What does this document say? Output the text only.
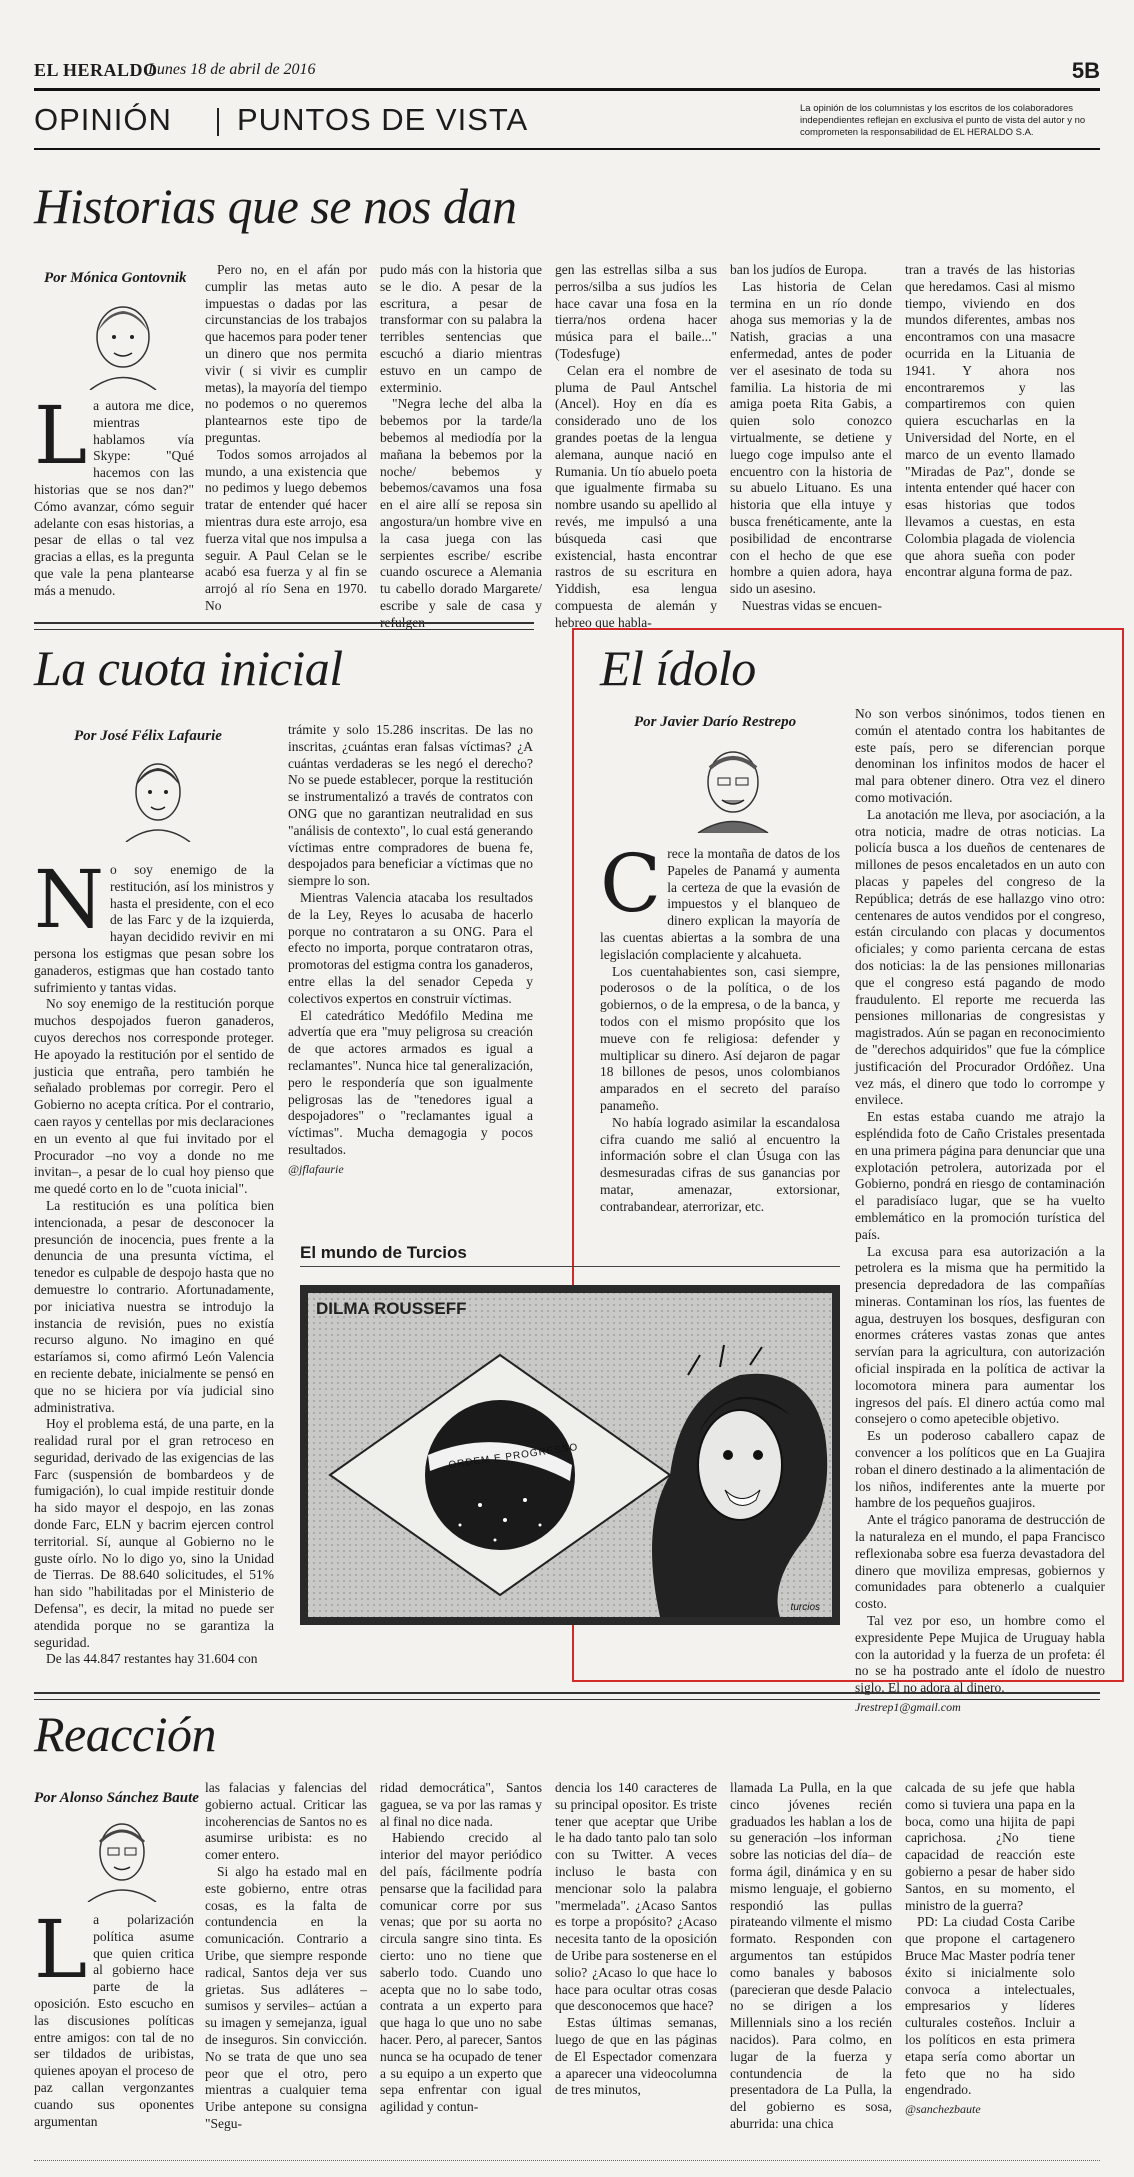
EL HERALDO
Lunes 18 de abril de 2016	5B
OPINIÓN PUNTOS DE VISTA	La opinión de los columnistas y los escritos de los colaboradores independientes reflejan en exclusiva el punto de vista del autor y no comprometen la responsabilidad de EL HERALDO S.A.
Historias que se nos dan
Por Mónica Gontovnik
L a autora me dice, mientras hablamos vía Skype: "Qué hacemos con las historias que se nos dan?" Cómo avanzar, cómo seguir adelante con esas historias, a pesar de ellas o tal vez gracias a ellas, es la pregunta que vale la pena plantearse más a menudo.

Pero no, en el afán por cumplir las metas auto impuestas o dadas por las circunstancias de los trabajos que hacemos para poder tener un dinero que nos permita vivir ( si vivir es cumplir metas), la mayoría del tiempo no podemos o no queremos plantearnos este tipo de preguntas.

Todos somos arrojados al mundo, a una existencia que no pedimos y luego debemos tratar de entender qué hacer mientras dura este arrojo, esa fuerza vital que nos impulsa a seguir. A Paul Celan se le acabó esa fuerza y al fin se arrojó al río Sena en 1970. No

pudo más con la historia que se le dio. A pesar de la escritura, a pesar de transformar con su palabra la terribles sentencias que escuchó a diario mientras estuvo en un campo de exterminio.

"Negra leche del alba la bebemos por la tarde/la bebemos al mediodía por la mañana la bebemos por la noche/ bebemos y bebemos/cavamos una fosa en el aire allí se reposa sin angostura/un hombre vive en la casa juega con las serpientes escribe/ escribe cuando oscurece a Alemania tu cabello dorado Margarete/ escribe y sale de casa y refulgen

gen las estrellas silba a sus perros/silba a sus judíos les hace cavar una fosa en la tierra/nos ordena hacer música para el baile..." (Todesfuge)

Celan era el nombre de pluma de Paul Antschel (Ancel). Hoy en día es considerado uno de los grandes poetas de la lengua alemana, aunque nació en Rumania. Un tío abuelo poeta que igualmente firmaba su nombre usando su apellido al revés, me impulsó a una búsqueda casi que existencial, hasta encontrar rastros de su escritura en Yiddish, esa lengua compuesta de alemán y hebreo que habla-

ban los judíos de Europa.

Las historia de Celan termina en un río donde ahoga sus memorias y la de Natish, gracias a una enfermedad, antes de poder ver el asesinato de toda su familia. La historia de mi amiga poeta Rita Gabis, a quien solo conozco virtualmente, se detiene y luego coge impulso ante el encuentro con la historia de su abuelo Lituano. Es una historia que ella intuye y busca frenéticamente, ante la posibilidad de encontrarse con el hecho de que ese hombre a quien adora, haya sido un asesino.

Nuestras vidas se encuen-

tran a través de las historias que heredamos. Casi al mismo tiempo, viviendo en dos mundos diferentes, ambas nos encontramos con una masacre ocurrida en la Lituania de 1941. Y ahora nos encontraremos y las compartiremos con quien quiera escucharlas en la Universidad del Norte, en el marco de un evento llamado "Miradas de Paz", donde se intenta entender qué hacer con esas historias que todos llevamos a cuestas, en esta Colombia plagada de violencia que ahora sueña con poder encontrar alguna forma de paz.

La cuota inicial
Por José Félix Lafaurie
N o soy enemigo de la restitución, así los ministros y hasta el presidente, con el eco de las Farc y de la izquierda, hayan decidido revivir en mi persona los estigmas que pesan sobre los ganaderos, estigmas que han costado tanto sufrimiento y tantas vidas.

No soy enemigo de la restitución porque muchos despojados fueron ganaderos, cuyos derechos nos corresponde proteger. He apoyado la restitución por el sentido de justicia que entraña, pero también he señalado problemas por corregir. Pero el Gobierno no acepta crítica. Por el contrario, caen rayos y centellas por mis declaraciones en un evento al que fui invitado por el Procurador –no voy a donde no me invitan–, a pesar de lo cual hoy pienso que me quedé corto en lo de "cuota inicial".

La restitución es una política bien intencionada, a pesar de desconocer la presunción de inocencia, pues frente a la denuncia de una presunta víctima, el tenedor es culpable de despojo hasta que no demuestre lo contrario. Afortunadamente, por iniciativa nuestra se introdujo la instancia de revisión, pues no existía recurso alguno. No imagino en qué estaríamos si, como afirmó León Valencia en reciente debate, inicialmente se pensó en que no se hiciera por vía judicial sino administrativa.

Hoy el problema está, de una parte, en la realidad rural por el gran retroceso en seguridad, derivado de las exigencias de las Farc (suspensión de bombardeos y de fumigación), lo cual impide restituir donde ha sido mayor el despojo, en las zonas donde Farc, ELN y bacrim ejercen control territorial. Sí, aunque al Gobierno no le guste oírlo. No lo digo yo, sino la Unidad de Tierras. De 88.640 solicitudes, el 51% han sido "habilitadas por el Ministerio de Defensa", es decir, la mitad no puede ser atendida porque no se garantiza la seguridad.

De las 44.847 restantes hay 31.604 con

trámite y solo 15.286 inscritas. De las no inscritas, ¿cuántas eran falsas víctimas? ¿A cuántas verdaderas se les negó el derecho? No se puede establecer, porque la restitución se instrumentalizó a través de contratos con ONG que no garantizan neutralidad en sus "análisis de contexto", lo cual está generando víctimas entre compradores de buena fe, despojados para beneficiar a víctimas que no siempre lo son.

Mientras Valencia atacaba los resultados de la Ley, Reyes lo acusaba de hacerlo porque no contrataron a su ONG. Para el efecto no importa, porque contrataron otras, promotoras del estigma contra los ganaderos, entre ellas la del senador Cepeda y colectivos expertos en construir víctimas.

El catedrático Medófilo Medina me advertía que era "muy peligrosa su creación de que actores armados es igual a reclamantes". Nunca hice tal generalización, pero le respondería que son igualmente peligrosas las de "tenedores igual a despojadores" o "reclamantes igual a víctimas". Mucha demagogia y pocos resultados.

@jflafaurie
El ídolo
Por Javier Darío Restrepo
C rece la montaña de datos de los Papeles de Panamá y aumenta la certeza de que la evasión de impuestos y el blanqueo de dinero explican la mayoría de las cuentas abiertas a la sombra de una legislación complaciente y alcahueta.

Los cuentahabientes son, casi siempre, poderosos o de la política, o de los gobiernos, o de la empresa, o de la banca, y todos con el mismo propósito que los mueve con fe religiosa: defender y multiplicar su dinero. Así dejaron de pagar 18 billones de pesos, unos colombianos amparados en el secreto del paraíso panameño.

No había logrado asimilar la escandalosa cifra cuando me salió al encuentro la información sobre el clan Úsuga con las desmesuradas cifras de sus ganancias por matar, amenazar, extorsionar, contrabandear, aterrorizar, etc.

No son verbos sinónimos, todos tienen en común el atentado contra los habitantes de este país, pero se diferencian porque denominan los infinitos modos de hacer el mal para obtener dinero. Otra vez el dinero como motivación.

La anotación me lleva, por asociación, a la otra noticia, madre de otras noticias. La policía busca a los dueños de centenares de millones de pesos encaletados en un auto con placas y papeles del congreso de la República; detrás de ese hallazgo vino otro: centenares de autos vendidos por el congreso, están circulando con placas y documentos oficiales; y como parienta cercana de estas dos noticias: la de las pensiones millonarias que el congreso está pagando de modo fraudulento. El reporte me recuerda las pensiones millonarias de congresistas y magistrados. Aún se pagan en reconocimiento de "derechos adquiridos" que fue la cómplice justificación del Procurador Ordóñez. Una vez más, el dinero que todo lo corrompe y envilece.

En estas estaba cuando me atrajo la espléndida foto de Caño Cristales presentada en una primera página para denunciar que una explotación petrolera, autorizada por el Gobierno, pondrá en riesgo de contaminación el paradisíaco lugar, que se ha vuelto emblemático en la promoción turística del país.

La excusa para esa autorización a la petrolera es la misma que ha permitido la presencia depredadora de las compañías mineras. Contaminan los ríos, las fuentes de agua, destruyen los bosques, desfiguran con enormes cráteres vastas zonas que antes servían para la agricultura, con autorización oficial inspirada en la política de activar la locomotora minera para aumentar los ingresos del país. El dinero actúa como mal consejero o como apetecible objetivo.

Es un poderoso caballero capaz de convencer a los políticos que en La Guajira roban el dinero destinado a la alimentación de los niños, indiferentes ante la muerte por hambre de los pequeños guajiros.

Ante el trágico panorama de destrucción de la naturaleza en el mundo, el papa Francisco reflexionaba sobre esa fuerza devastadora del dinero que moviliza empresas, gobiernos y comunidades para obtenerlo a cualquier costo.

Tal vez por eso, un hombre como el expresidente Pepe Mujica de Uruguay habla con la autoridad y la fuerza de un profeta: él no se ha postrado ante el ídolo de nuestro siglo. El no adora al dinero.

Jrestrep1@gmail.com
El mundo de Turcios
DILMA ROUSSEFF
ORDEM E PROGRESSO
turcios
Reacción
Por Alonso Sánchez Baute
L a polarización política asume que quien critica al gobierno hace parte de la oposición. Esto escucho en las discusiones políticas entre amigos: con tal de no ser tildados de uribistas, quienes apoyan el proceso de paz callan vergonzantes cuando sus oponentes argumentan

las falacias y falencias del gobierno actual. Criticar las incoherencias de Santos no es asumirse uribista: es no comer entero.

Si algo ha estado mal en este gobierno, entre otras cosas, es la falta de contundencia en la comunicación. Contrario a Uribe, que siempre responde radical, Santos deja ver sus grietas. Sus adláteres –sumisos y serviles– actúan a su imagen y semejanza, igual de inseguros. Sin convicción. No se trata de que uno sea peor que el otro, pero mientras a cualquier tema Uribe antepone su consigna "Segu-

ridad democrática", Santos gaguea, se va por las ramas y al final no dice nada.

Habiendo crecido al interior del mayor periódico del país, fácilmente podría pensarse que la facilidad para comunicar corre por sus venas; que por su aorta no circula sangre sino tinta. Es cierto: uno no tiene que saberlo todo. Cuando uno acepta que no lo sabe todo, contrata a un experto para que haga lo que uno no sabe hacer. Pero, al parecer, Santos nunca se ha ocupado de tener a su equipo a un experto que sepa enfrentar con igual agilidad y contun-

dencia los 140 caracteres de su principal opositor. Es triste tener que aceptar que Uribe le ha dado tanto palo tan solo con su Twitter. A veces incluso le basta con mencionar solo la palabra "mermelada". ¿Acaso Santos es torpe a propósito? ¿Acaso necesita tanto de la oposición de Uribe para sostenerse en el solio? ¿Acaso lo que hace lo hace para ocultar otras cosas que desconocemos que hace?

Estas últimas semanas, luego de que en las páginas de El Espectador comenzara a aparecer una videocolumna de tres minutos,

llamada La Pulla, en la que cinco jóvenes recién graduados les hablan a los de su generación –los informan sobre las noticias del día– de forma ágil, dinámica y en su mismo lenguaje, el gobierno respondió las pullas pirateando vilmente el mismo formato. Responden con argumentos tan estúpidos como banales y babosos (parecieran que desde Palacio no se dirigen a los Millennials sino a los recién nacidos). Para colmo, en lugar de la fuerza y contundencia de la presentadora de La Pulla, la del gobierno es sosa, aburrida: una chica

calcada de su jefe que habla como si tuviera una papa en la boca, como una hijita de papi caprichosa. ¿No tiene capacidad de reacción este gobierno a pesar de haber sido Santos, en su momento, el ministro de la guerra?

PD: La ciudad Costa Caribe que propone el cartagenero Bruce Mac Master podría tener éxito si inicialmente solo convoca a intelectuales, empresarios y líderes culturales costeños. Incluir a los políticos en esta primera etapa sería como abortar un feto que no ha sido engendrado.

@sanchezbaute
